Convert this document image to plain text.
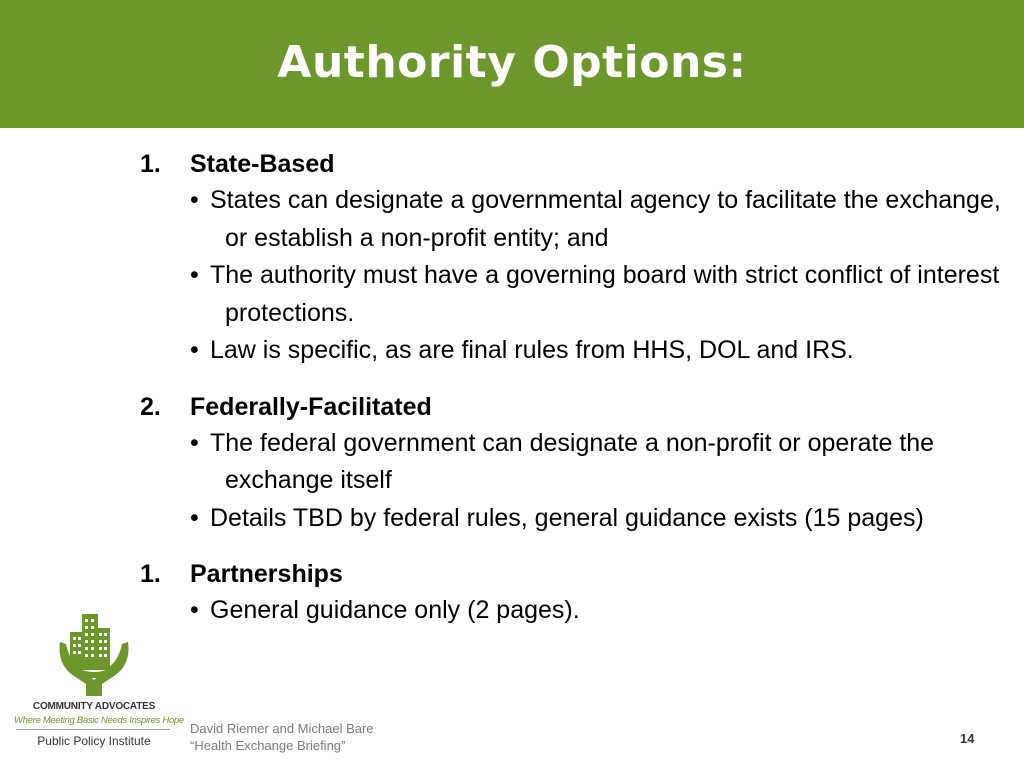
Authority Options:
1.	State-Based
• States can designate a governmental agency to facilitate the exchange, or establish a non-profit entity; and
• The authority must have a governing board with strict conflict of interest protections.
• Law is specific, as are final rules from HHS, DOL and IRS.
2.	Federally-Facilitated
• The federal government can designate a non-profit or operate the exchange itself
• Details TBD by federal rules, general guidance exists (15 pages)
1.	Partnerships
• General guidance only (2 pages).
COMMUNITY ADVOCATES
Where Meeting Basic Needs Inspires Hope
Public Policy Institute
David Riemer and Michael Bare
“Health Exchange Briefing”	14
